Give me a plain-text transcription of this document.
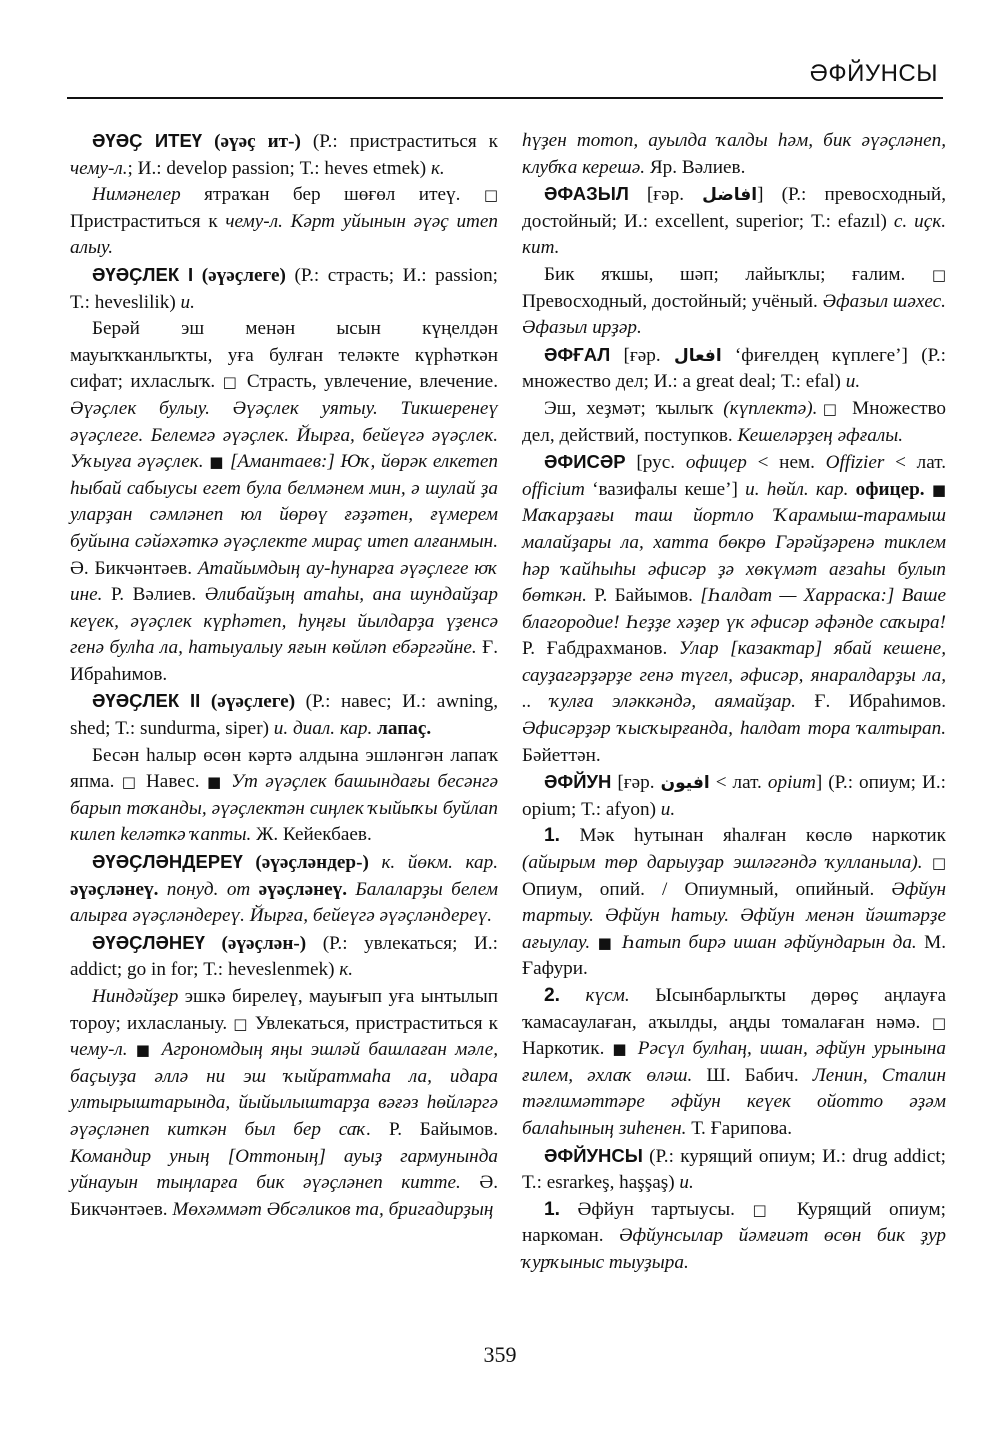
ӘФЙУНСЫ

ӘҮӘҪ ИТЕҮ (әүәҫ ит-) (Р.: пристраститься к чему-л.; И.: develop passion; Т.: heves etmek) к.

Нимәнелер ятраҡан бер шөғөл итеү. □ Пристраститься к чему-л. Кәрт уйынын әүәҫ итеп алыу.

ӘҮӘҪЛЕК I (әүәҫлеге) (Р.: страсть; И.: passion; Т.: heveslilik) и.

Берәй эш менән ысын күңелдән мауыҡҡанлыҡты, уға булған теләкте күрһәткән сифат; ихласлыҡ. □ Страсть, увлечение, влечение. Әүәҫлек булыу. Әүәҫлек уятыу. Тикшеренеү әүәҫлеге. Белемгә әүәҫлек. Йырға, бейеүгә әүәҫлек. Уҡыуға әүәҫлек. ■ [Амантаев:] Юҡ, йөрәк елкетеп һыбай сабыусы егет була белмәнем мин, ә шулай ҙа уларҙан сәмләнеп юл йөрөү ғәҙәтен, ғүмерем буйына сәйәхәткә әүәҫлекте мираҫ итеп алғанмын. Ә. Бикчәнтәев. Атайымдың ау-һунарға әүәҫлеге юҡ ине. Р. Вәлиев. Әлибайҙың атаһы, ана шундайҙар кеүек, әүәҫлек күрһәтеп, һуңғы йылдарҙа үҙенсә генә булһа ла, һатыуалыу яғын көйләп ебәргәйне. Ғ. Ибраһимов.

ӘҮӘҪЛЕК II (әүәҫлеге) (Р.: навес; И.: awning, shed; Т.: sundurma, siper) и. диал. кар. лапаҫ.

Бесән һалыр өсөн кәртә алдына эшләнгән лапаҡ япма. □ Навес. ■ Ут әүәҫлек башындағы бесәнгә барып тоҡанды, әүәҫлектән сиңлек ҡыйыҡы буйлап килеп keләткә ҡапты. Ж. Кейекбаев.

ӘҮӘҪЛӘНДЕРЕҮ (әүәҫләндер-) к. йөкм. кар. әүәҫләнеү. понуд. от әүәҫләнеү. Балаларҙы белем алырға әүәҫләндереү. Йырға, бейеүгә әүәҫләндереү.

ӘҮӘҪЛӘНЕҮ (әүәҫлән-) (Р.: увлекаться; И.: addict; go in for; Т.: heveslenmek) к.

Ниндәйҙер эшкә бирелеү, мауығып уға ынтылып тороу; ихласланыу. □ Увлекаться, пристраститься к чему-л. ■ Агрономдың яңы эшләй башлаған мәле, баҫыуҙа әллә ни эш ҡыйратмаһа ла, идара ултырыштарында, йыйылыштарҙа вәғәз һөйләргә әүәҫләнеп киткән был бер саҡ. Р. Байымов. Командир уның [Оттоның] ауыҙ гармунында уйнауын тыңларға бик әүәҫләнеп китте. Ә. Бикчәнтәев. Мөхәммәт Әбсәликов та, бригадирҙың

һүҙен тотоп, ауылда ҡалды һәм, бик әүәҫләнеп, клубҡа керешә. Яр. Вәлиев.

ӘФАЗЫЛ [ғәр. افاضل] (Р.: превосходный, достойный; И.: excellent, superior; Т.: efazıl) с. иҫк. кит.

Бик яҡшы, шәп; лайыҡлы; ғалим. □ Превосходный, достойный; учёный. Әфазыл шәхес. Әфазыл ирҙәр.

ӘФҒАЛ [ғәр. افعال ‘фиғелдең күплеге’] (Р.: множество дел; И.: a great deal; Т.: efal) и.

Эш, хеҙмәт; ҡылыҡ (күплектә).□ Множество дел, действий, поступков. Кешеләрҙең әфғалы.

ӘФИСӘР [рус. офицер < нем. Offizier < лат. officium ‘вазифалы кеше’] и. һөйл. кар. офицер. ■ Маҡарҙағы таш йортло Ҡарамыш-тарамыш малайҙары ла, хатта бөкрө Гәрәйҙәренә тиклем һәр ҡайһыһы әфисәр ҙә хөкүмәт ағзаһы булып бөткән. Р. Байымов. [Һалдат — Харраска:] Ваше благородие! Һеҙҙе хәҙер үк әфисәр әфәнде саҡыра! Р. Ғабдрахманов. Улар [казактар] ябай кешене, сауҙагәрҙәрҙе генә түгел, әфисәр, янаралдарҙы ла, .. ҡулға эләккәндә, аямайҙар. Ғ. Ибраһимов. Әфисәрҙәр ҡысҡырғанда, һалдат тора ҡалтырап. Бәйеттән.

ӘФЙУН [ғәр. افيون < лат. opium] (Р.: опиум; И.: opium; Т.: afyon) и.

1. Мәк һутынан яһалған көслө наркотик (айырым төр дарыуҙар эшләгәндә ҡулланыла). □ Опиум, опий. / Опиумный, опийный. Әфйун тартыу. Әфйун һатыу. Әфйун менән йәштәрҙе ағыулау. ■ Һатып бирә ишан әфйундарын да. М. Ғафури.

2. күсм. Ысынбарлыҡты дөрөҫ аңлауға ҡамасаулаған, аҡылды, аңды томалаған нәмә. □ Наркотик. ■ Рәсүл булһаң, ишан, әфйун урынына ғилем, әхлаҡ өләш. Ш. Бабич. Ленин, Сталин тәғлимәттәре әфйун кеүек ойотто әҙәм балаһының зиһенен. Т. Ғарипова.

ӘФЙУНСЫ (Р.: курящий опиум; И.: drug addict; Т.: esrarkeş, haşşaş) и.

1. Әфйун тартыусы. □ Курящий опиум; наркоман. Әфйунсылар йәмғиәт өсөн бик ҙур ҡурҡыныс тыуҙыра.

359
